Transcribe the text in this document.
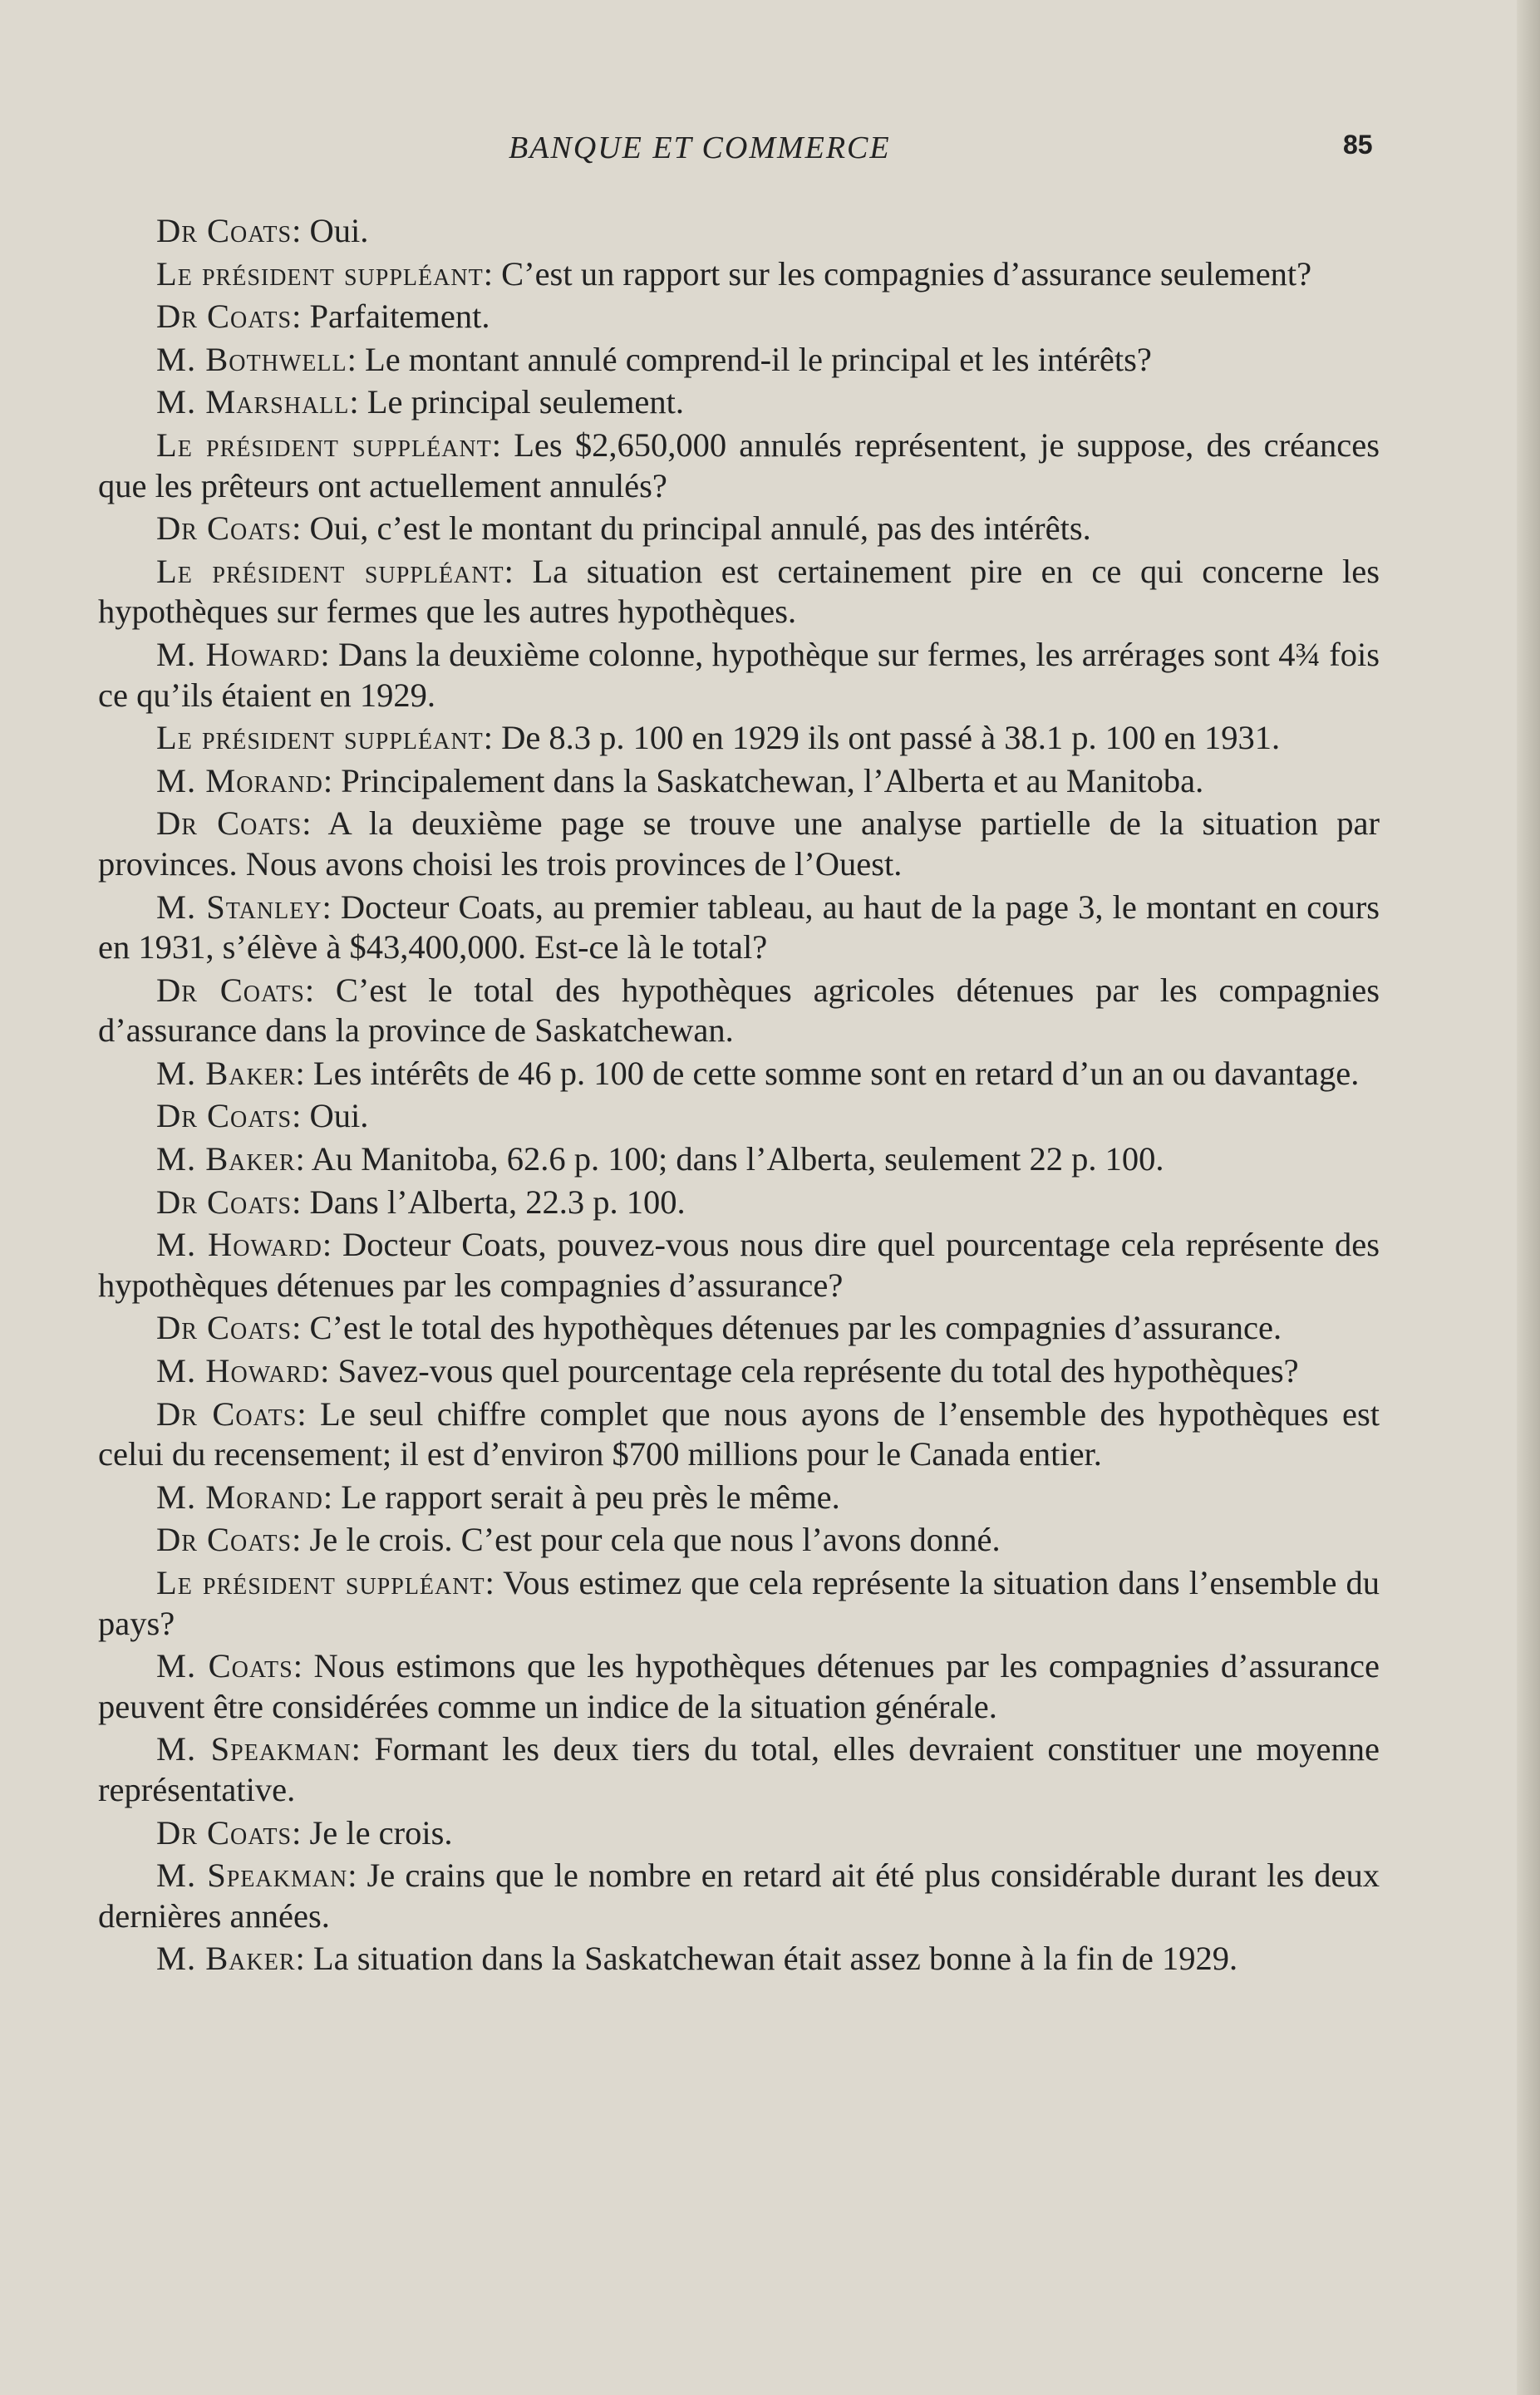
BANQUE ET COMMERCE	85

Dr Coats: Oui.

Le président suppléant: C’est un rapport sur les compagnies d’assurance seulement?

Dr Coats: Parfaitement.

M. Bothwell: Le montant annulé comprend-il le principal et les intérêts?

M. Marshall: Le principal seulement.

Le président suppléant: Les $2,650,000 annulés représentent, je suppose, des créances que les prêteurs ont actuellement annulés?

Dr Coats: Oui, c’est le montant du principal annulé, pas des intérêts.

Le président suppléant: La situation est certainement pire en ce qui concerne les hypothèques sur fermes que les autres hypothèques.

M. Howard: Dans la deuxième colonne, hypothèque sur fermes, les arrérages sont 4¾ fois ce qu’ils étaient en 1929.

Le président suppléant: De 8.3 p. 100 en 1929 ils ont passé à 38.1 p. 100 en 1931.

M. Morand: Principalement dans la Saskatchewan, l’Alberta et au Manitoba.

Dr Coats: A la deuxième page se trouve une analyse partielle de la situation par provinces. Nous avons choisi les trois provinces de l’Ouest.

M. Stanley: Docteur Coats, au premier tableau, au haut de la page 3, le montant en cours en 1931, s’élève à $43,400,000. Est-ce là le total?

Dr Coats: C’est le total des hypothèques agricoles détenues par les compagnies d’assurance dans la province de Saskatchewan.

M. Baker: Les intérêts de 46 p. 100 de cette somme sont en retard d’un an ou davantage.

Dr Coats: Oui.

M. Baker: Au Manitoba, 62.6 p. 100; dans l’Alberta, seulement 22 p. 100.

Dr Coats: Dans l’Alberta, 22.3 p. 100.

M. Howard: Docteur Coats, pouvez-vous nous dire quel pourcentage cela représente des hypothèques détenues par les compagnies d’assurance?

Dr Coats: C’est le total des hypothèques détenues par les compagnies d’assurance.

M. Howard: Savez-vous quel pourcentage cela représente du total des hypothèques?

Dr Coats: Le seul chiffre complet que nous ayons de l’ensemble des hypothèques est celui du recensement; il est d’environ $700 millions pour le Canada entier.

M. Morand: Le rapport serait à peu près le même.

Dr Coats: Je le crois. C’est pour cela que nous l’avons donné.

Le président suppléant: Vous estimez que cela représente la situation dans l’ensemble du pays?

M. Coats: Nous estimons que les hypothèques détenues par les compagnies d’assurance peuvent être considérées comme un indice de la situation générale.

M. Speakman: Formant les deux tiers du total, elles devraient constituer une moyenne représentative.

Dr Coats: Je le crois.

M. Speakman: Je crains que le nombre en retard ait été plus considérable durant les deux dernières années.

M. Baker: La situation dans la Saskatchewan était assez bonne à la fin de 1929.
